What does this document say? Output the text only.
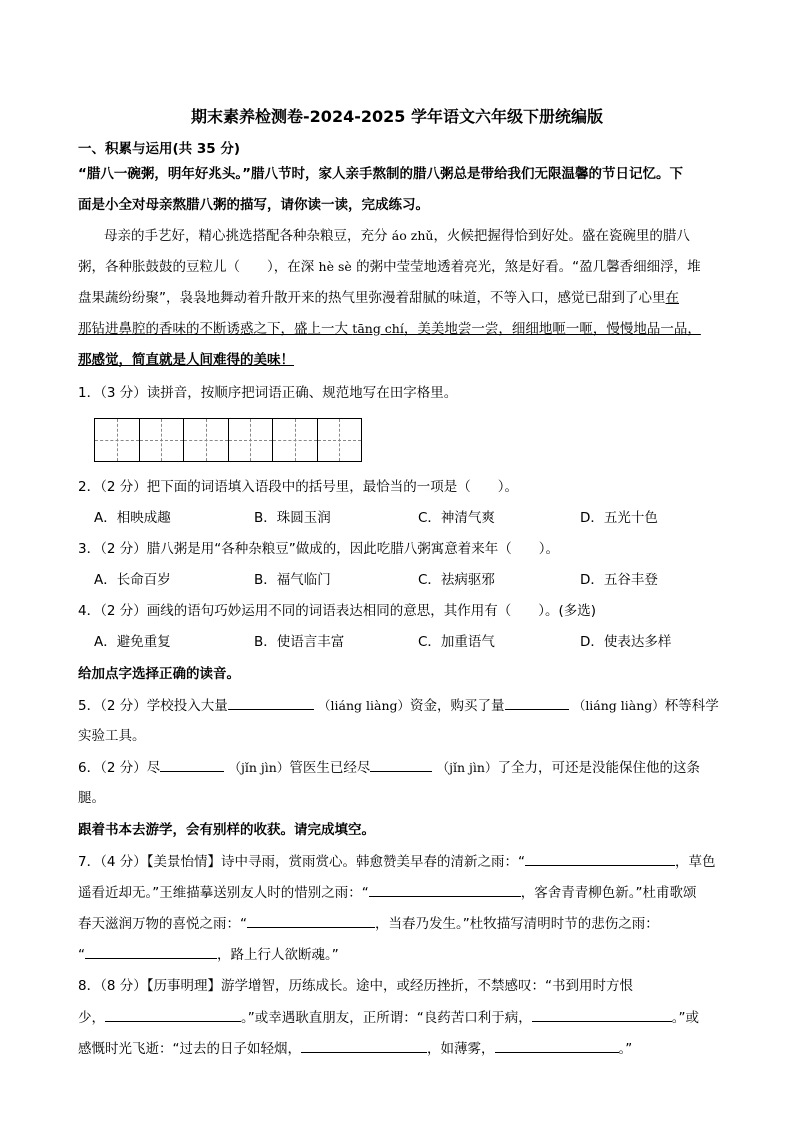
期末素养检测卷-2024-2025 学年语文六年级下册统编版
一、积累与运用(共 35 分)
“腊八一碗粥，明年好兆头。”腊八节时，家人亲手熬制的腊八粥总是带给我们无限温馨的节日记忆。下
面是小全对母亲熬腊八粥的描写，请你读一读，完成练习。
母亲的手艺好，精心挑选搭配各种杂粮豆，充分 áo zhǔ，火候把握得恰到好处。盛在瓷碗里的腊八
粥，各种胀鼓鼓的豆粒儿（　　），在深 hè sè 的粥中莹莹地透着亮光，煞是好看。“盈几馨香细细浮，堆
盘果蔬纷纷聚”，袅袅地舞动着升散开来的热气里弥漫着甜腻的味道，不等入口，感觉已甜到了心里在
那钻进鼻腔的香味的不断诱惑之下，盛上一大 tāng chí，美美地尝一尝，细细地咂一咂，慢慢地品一品，
那感觉，简直就是人间难得的美味！
1．（3 分）读拼音，按顺序把词语正确、规范地写在田字格里。
2．（2 分）把下面的词语填入语段中的括号里，最恰当的一项是（　　）。
A．相映成趣	B．珠圆玉润	C．神清气爽	D．五光十色
3．（2 分）腊八粥是用“各种杂粮豆”做成的，因此吃腊八粥寓意着来年（　　）。
A．长命百岁	B．福气临门	C．祛病驱邪	D．五谷丰登
4．（2 分）画线的语句巧妙运用不同的词语表达相同的意思，其作用有（　　）。(多选)
A．避免重复	B．使语言丰富	C．加重语气	D．使表达多样
给加点字选择正确的读音。
5．（2 分）学校投入大量	（liáng liàng）资金，购买了量	（liáng liàng）杯等科学
实验工具。
6．（2 分）尽	（jǐn jìn）管医生已经尽	（jǐn jìn）了全力，可还是没能保住他的这条
腿。
跟着书本去游学，会有别样的收获。请完成填空。
7．（4 分）【美景怡情】诗中寻雨，赏雨赏心。韩愈赞美早春的清新之雨：“	，草色
遥看近却无。”王维描摹送别友人时的惜别之雨：“	，客舍青青柳色新。”杜甫歌颂
春天滋润万物的喜悦之雨：“	，当春乃发生。”杜牧描写清明时节的悲伤之雨：
“	，路上行人欲断魂。”
8．（8 分）【历事明理】游学增智，历练成长。途中，或经历挫折，不禁感叹：“书到用时方恨
少，	。”或幸遇耿直朋友，正所谓：“良药苦口利于病，	。”或
感慨时光飞逝：“过去的日子如轻烟，	，如薄雾，	。”
